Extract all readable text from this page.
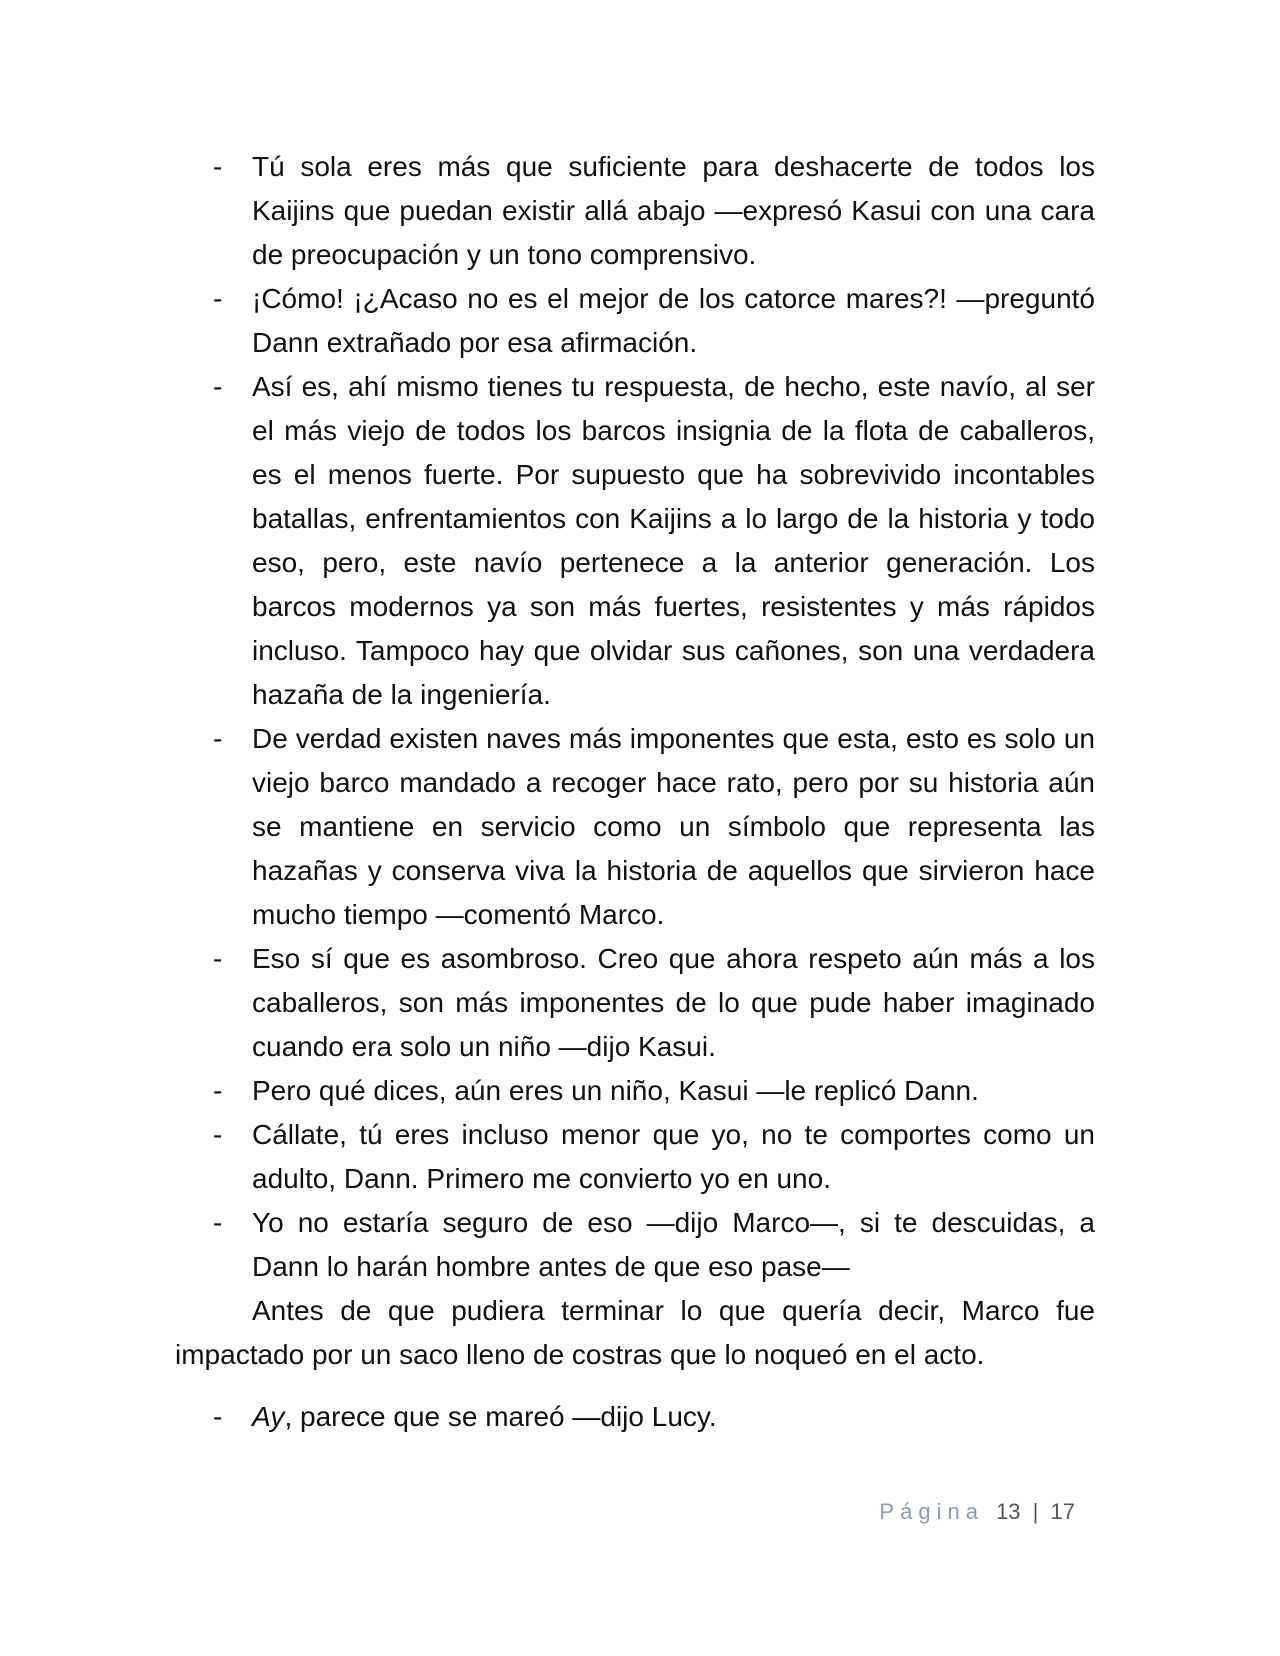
- Tú sola eres más que suficiente para deshacerte de todos los Kaijins que puedan existir allá abajo —expresó Kasui con una cara de preocupación y un tono comprensivo.
- ¡Cómo! ¡¿Acaso no es el mejor de los catorce mares?! —preguntó Dann extrañado por esa afirmación.
- Así es, ahí mismo tienes tu respuesta, de hecho, este navío, al ser el más viejo de todos los barcos insignia de la flota de caballeros, es el menos fuerte. Por supuesto que ha sobrevivido incontables batallas, enfrentamientos con Kaijins a lo largo de la historia y todo eso, pero, este navío pertenece a la anterior generación. Los barcos modernos ya son más fuertes, resistentes y más rápidos incluso. Tampoco hay que olvidar sus cañones, son una verdadera hazaña de la ingeniería.
- De verdad existen naves más imponentes que esta, esto es solo un viejo barco mandado a recoger hace rato, pero por su historia aún se mantiene en servicio como un símbolo que representa las hazañas y conserva viva la historia de aquellos que sirvieron hace mucho tiempo —comentó Marco.
- Eso sí que es asombroso. Creo que ahora respeto aún más a los caballeros, son más imponentes de lo que pude haber imaginado cuando era solo un niño —dijo Kasui.
- Pero qué dices, aún eres un niño, Kasui —le replicó Dann.
- Cállate, tú eres incluso menor que yo, no te comportes como un adulto, Dann. Primero me convierto yo en uno.
- Yo no estaría seguro de eso —dijo Marco—, si te descuidas, a Dann lo harán hombre antes de que eso pase—
Antes de que pudiera terminar lo que quería decir, Marco fue impactado por un saco lleno de costras que lo noqueó en el acto.
- Ay, parece que se mareó —dijo Lucy.
Página 13 | 17
